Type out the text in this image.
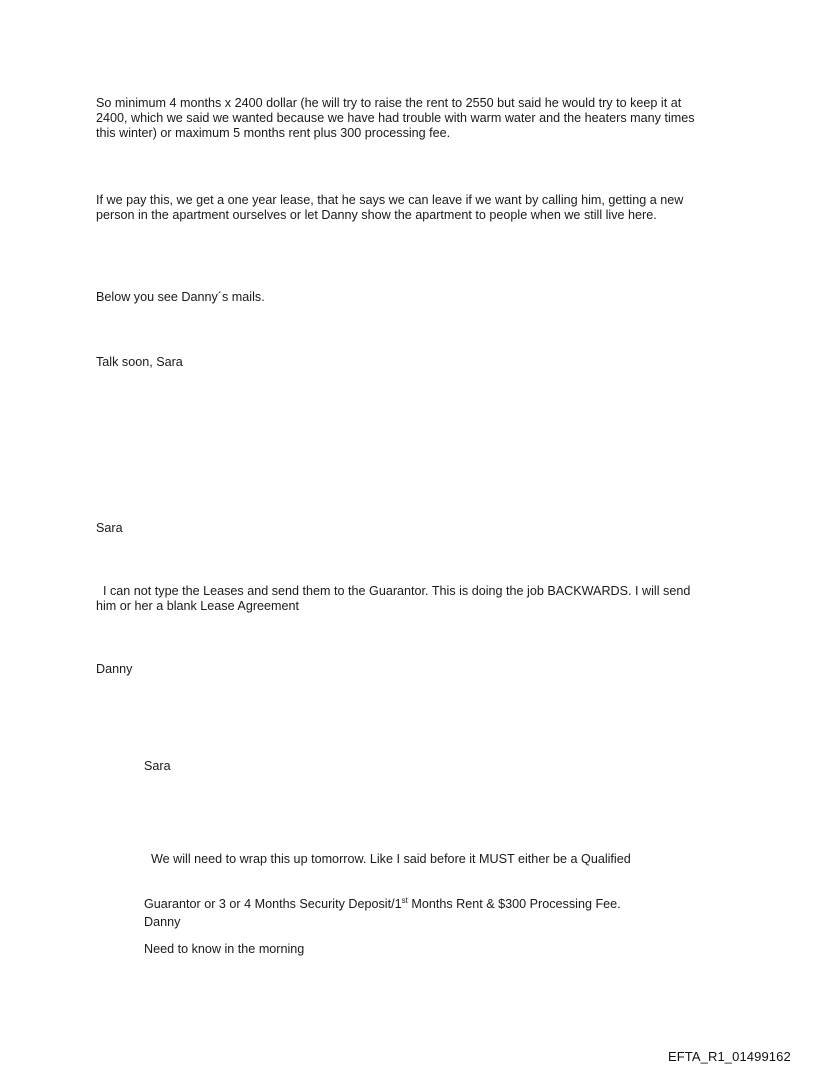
So minimum 4 months x 2400 dollar (he will try to raise the rent to 2550 but said he would try to keep it at 2400, which we said we wanted because we have had trouble with warm water and the heaters many times this winter) or maximum 5 months rent plus 300 processing fee.

If we pay this, we get a one year lease, that he says we can leave if we want by calling him, getting a new person in the apartment ourselves or let Danny show the apartment to people when we still live here.

Below you see Danny´s mails.

Talk soon, Sara

Sara

I can not type the Leases and send them to the Guarantor. This is doing the job BACKWARDS. I will send him or her a blank Lease Agreement

Danny

Sara

We will need to wrap this up tomorrow. Like I said before it MUST either be a Qualified

Guarantor or 3 or 4 Months Security Deposit/1st Months Rent & $300 Processing Fee.

Need to know in the morning

Danny

EFTA_R1_01499162
